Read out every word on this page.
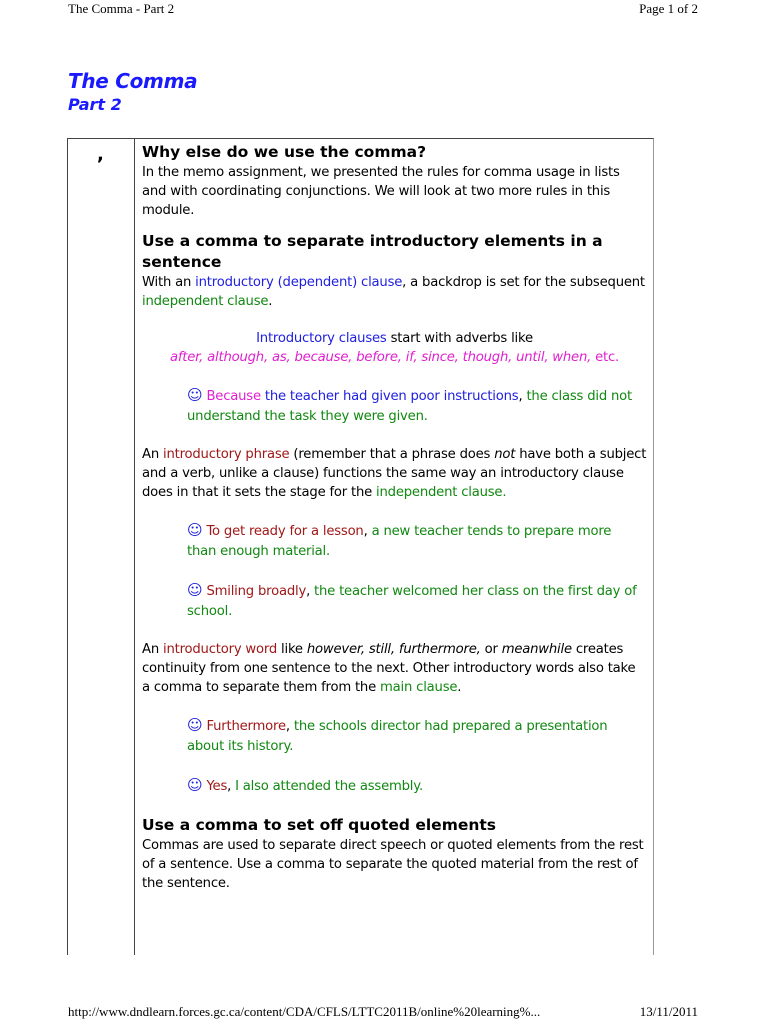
The Comma - Part 2	Page 1 of 2
The Comma
Part 2
, Why else do we use the comma?

In the memo assignment, we presented the rules for comma usage in lists and with coordinating conjunctions. We will look at two more rules in this module.

Use a comma to separate introductory elements in a sentence

With an introductory (dependent) clause, a backdrop is set for the subsequent independent clause.

Introductory clauses start with adverbs like
after, although, as, because, before, if, since, though, until, when, etc.

☺ Because the teacher had given poor instructions, the class did not understand the task they were given.

An introductory phrase (remember that a phrase does not have both a subject and a verb, unlike a clause) functions the same way an introductory clause does in that it sets the stage for the independent clause.

☺ To get ready for a lesson, a new teacher tends to prepare more than enough material.

☺ Smiling broadly, the teacher welcomed her class on the first day of school.

An introductory word like however, still, furthermore, or meanwhile creates continuity from one sentence to the next. Other introductory words also take a comma to separate them from the main clause.

☺ Furthermore, the schools director had prepared a presentation about its history.

☺ Yes, I also attended the assembly.

Use a comma to set off quoted elements

Commas are used to separate direct speech or quoted elements from the rest of a sentence. Use a comma to separate the quoted material from the rest of the sentence.

http://www.dndlearn.forces.gc.ca/content/CDA/CFLS/LTTC2011B/online%20learning%...	13/11/2011
